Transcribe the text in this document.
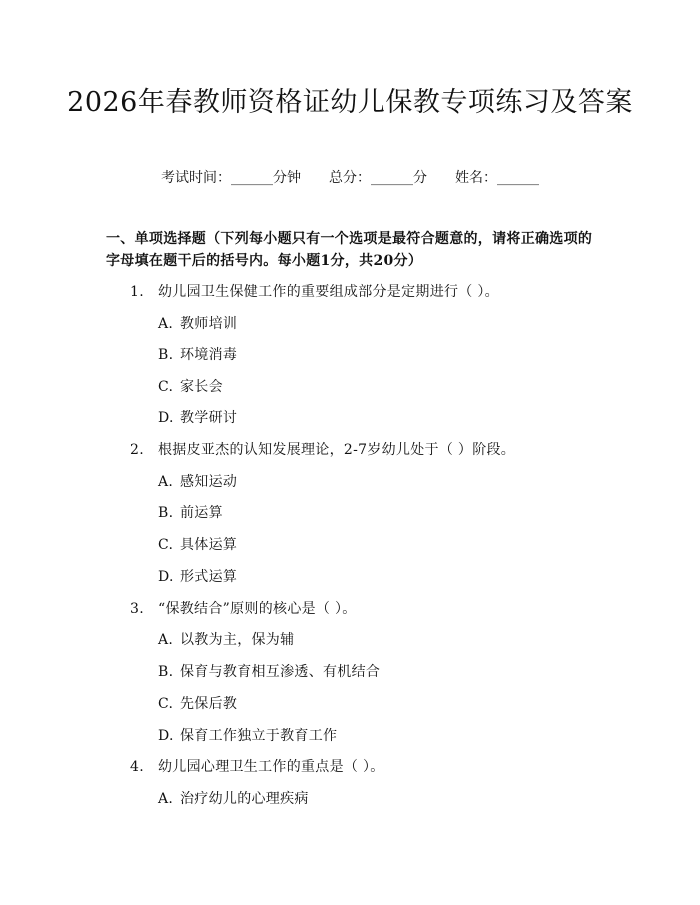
2026年春教师资格证幼儿保教专项练习及答案
考试时间：______分钟 总分：______分 姓名：______
一、单项选择题（下列每小题只有一个选项是最符合题意的，请将正确选项的字母填在题干后的括号内。每小题1分，共20分）
1. 幼儿园卫生保健工作的重要组成部分是定期进行（ ）。
A. 教师培训
B. 环境消毒
C. 家长会
D. 教学研讨
2. 根据皮亚杰的认知发展理论，2-7岁幼儿处于（ ）阶段。
A. 感知运动
B. 前运算
C. 具体运算
D. 形式运算
3. “保教结合”原则的核心是（ ）。
A. 以教为主，保为辅
B. 保育与教育相互渗透、有机结合
C. 先保后教
D. 保育工作独立于教育工作
4. 幼儿园心理卫生工作的重点是（ ）。
A. 治疗幼儿的心理疾病
